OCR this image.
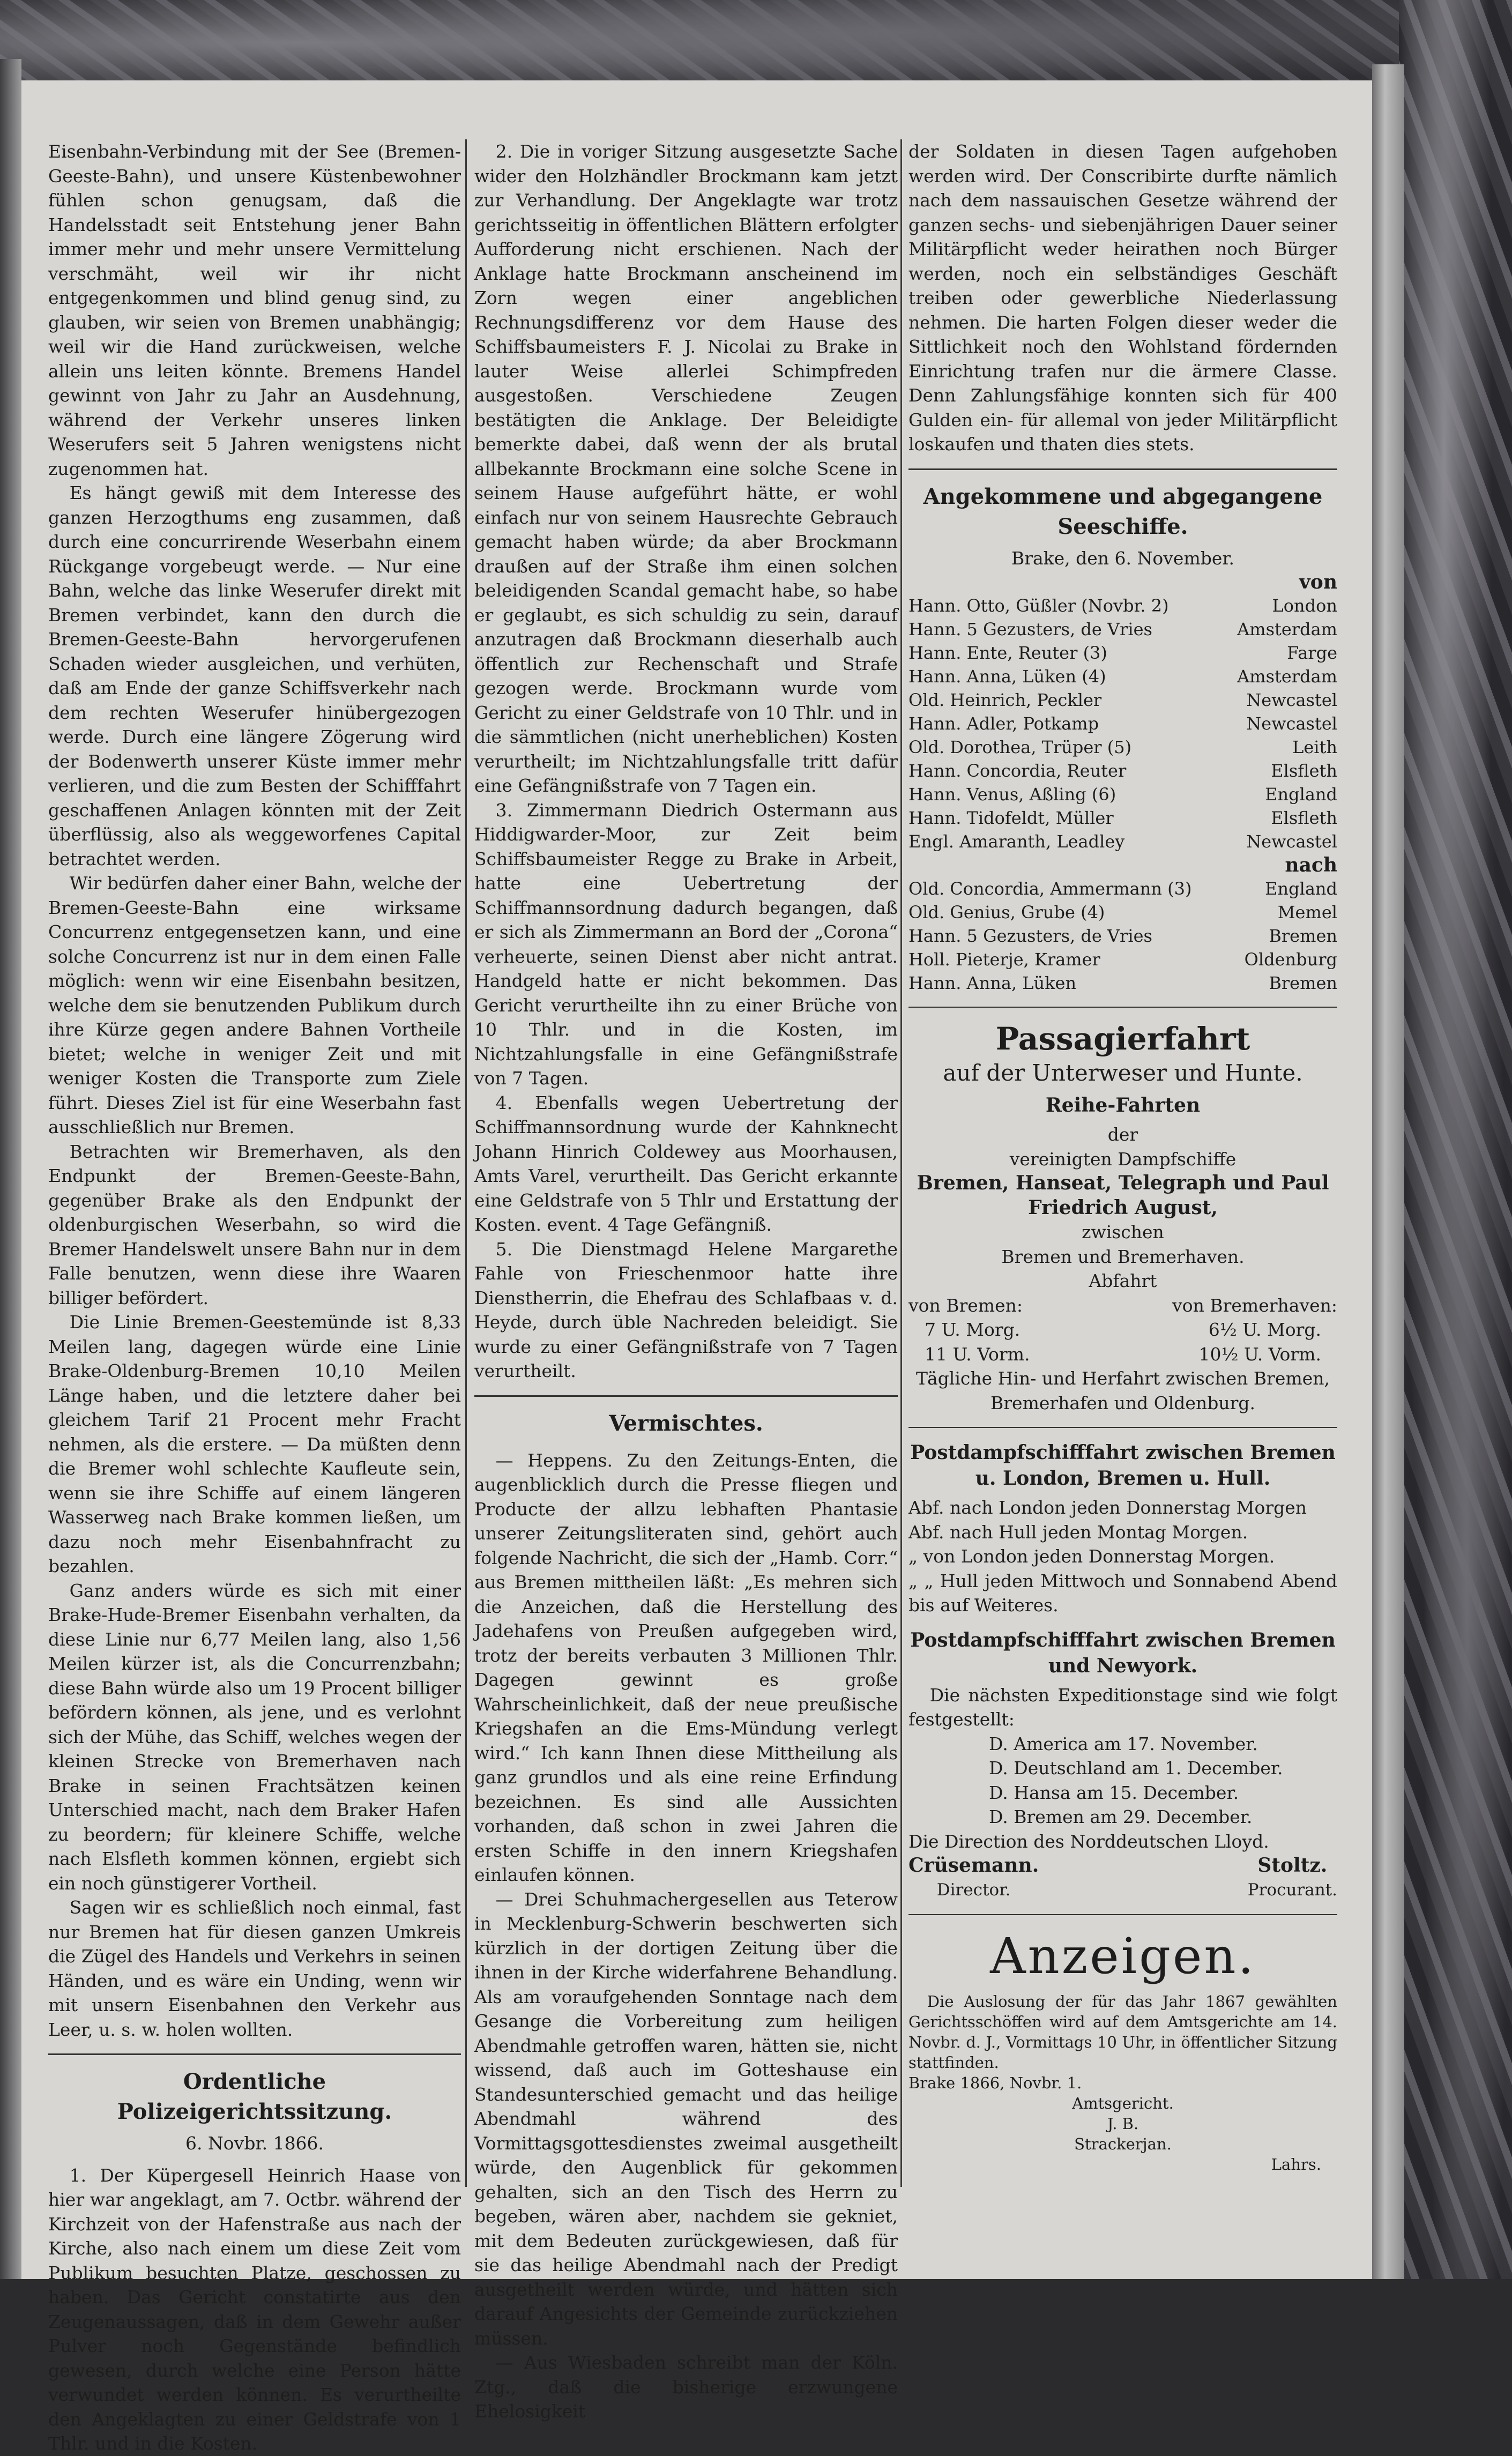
Eisenbahn-Verbindung mit der See (Bremen-Geeste-Bahn), und unsere Küstenbewohner fühlen schon genugsam, daß die Handelsstadt seit Entstehung jener Bahn immer mehr und mehr unsere Vermittelung verschmäht, weil wir ihr nicht entgegenkommen und blind genug sind, zu glauben, wir seien von Bremen unabhängig; weil wir die Hand zurückweisen, welche allein uns leiten könnte. Bremens Handel gewinnt von Jahr zu Jahr an Ausdehnung, während der Verkehr unseres linken Weserufers seit 5 Jahren wenigstens nicht zugenommen hat.

Es hängt gewiß mit dem Interesse des ganzen Herzogthums eng zusammen, daß durch eine concurrirende Weserbahn einem Rückgange vorgebeugt werde. — Nur eine Bahn, welche das linke Weserufer direkt mit Bremen verbindet, kann den durch die Bremen-Geeste-Bahn hervorgerufenen Schaden wieder ausgleichen, und verhüten, daß am Ende der ganze Schiffsverkehr nach dem rechten Weserufer hinübergezogen werde. Durch eine längere Zögerung wird der Bodenwerth unserer Küste immer mehr verlieren, und die zum Besten der Schifffahrt geschaffenen Anlagen könnten mit der Zeit überflüssig, also als weggeworfenes Capital betrachtet werden.

Wir bedürfen daher einer Bahn, welche der Bremen-Geeste-Bahn eine wirksame Concurrenz entgegensetzen kann, und eine solche Concurrenz ist nur in dem einen Falle möglich: wenn wir eine Eisenbahn besitzen, welche dem sie benutzenden Publikum durch ihre Kürze gegen andere Bahnen Vortheile bietet; welche in weniger Zeit und mit weniger Kosten die Transporte zum Ziele führt. Dieses Ziel ist für eine Weserbahn fast ausschließlich nur Bremen.

Betrachten wir Bremerhaven, als den Endpunkt der Bremen-Geeste-Bahn, gegenüber Brake als den Endpunkt der oldenburgischen Weserbahn, so wird die Bremer Handelswelt unsere Bahn nur in dem Falle benutzen, wenn diese ihre Waaren billiger befördert.

Die Linie Bremen-Geestemünde ist 8,33 Meilen lang, dagegen würde eine Linie Brake-Oldenburg-Bremen 10,10 Meilen Länge haben, und die letztere daher bei gleichem Tarif 21 Procent mehr Fracht nehmen, als die erstere. — Da müßten denn die Bremer wohl schlechte Kaufleute sein, wenn sie ihre Schiffe auf einem längeren Wasserweg nach Brake kommen ließen, um dazu noch mehr Eisenbahnfracht zu bezahlen.

Ganz anders würde es sich mit einer Brake-Hude-Bremer Eisenbahn verhalten, da diese Linie nur 6,77 Meilen lang, also 1,56 Meilen kürzer ist, als die Concurrenzbahn; diese Bahn würde also um 19 Procent billiger befördern können, als jene, und es verlohnt sich der Mühe, das Schiff, welches wegen der kleinen Strecke von Bremerhaven nach Brake in seinen Frachtsätzen keinen Unterschied macht, nach dem Braker Hafen zu beordern; für kleinere Schiffe, welche nach Elsfleth kommen können, ergiebt sich ein noch günstigerer Vortheil.

Sagen wir es schließlich noch einmal, fast nur Bremen hat für diesen ganzen Umkreis die Zügel des Handels und Verkehrs in seinen Händen, und es wäre ein Unding, wenn wir mit unsern Eisenbahnen den Verkehr aus Leer, u. s. w. holen wollten.

Ordentliche Polizeigerichtssitzung.
6. Novbr. 1866.

1. Der Küpergesell Heinrich Haase von hier war angeklagt, am 7. Octbr. während der Kirchzeit von der Hafenstraße aus nach der Kirche, also nach einem um diese Zeit vom Publikum besuchten Platze, geschossen zu haben. Das Gericht constatirte aus den Zeugenaussagen, daß in dem Gewehr außer Pulver noch Gegenstände befindlich gewesen, durch welche eine Person hätte verwundet werden können. Es verurtheilte den Angeklagten zu einer Geldstrafe von 1 Thlr. und in die Kosten.

2. Die in voriger Sitzung ausgesetzte Sache wider den Holzhändler Brockmann kam jetzt zur Verhandlung. Der Angeklagte war trotz gerichtsseitig in öffentlichen Blättern erfolgter Aufforderung nicht erschienen. Nach der Anklage hatte Brockmann anscheinend im Zorn wegen einer angeblichen Rechnungsdifferenz vor dem Hause des Schiffsbaumeisters F. J. Nicolai zu Brake in lauter Weise allerlei Schimpfreden ausgestoßen. Verschiedene Zeugen bestätigten die Anklage. Der Beleidigte bemerkte dabei, daß wenn der als brutal allbekannte Brockmann eine solche Scene in seinem Hause aufgeführt hätte, er wohl einfach nur von seinem Hausrechte Gebrauch gemacht haben würde; da aber Brockmann draußen auf der Straße ihm einen solchen beleidigenden Scandal gemacht habe, so habe er geglaubt, es sich schuldig zu sein, darauf anzutragen daß Brockmann dieserhalb auch öffentlich zur Rechenschaft und Strafe gezogen werde. Brockmann wurde vom Gericht zu einer Geldstrafe von 10 Thlr. und in die sämmtlichen (nicht unerheblichen) Kosten verurtheilt; im Nichtzahlungsfalle tritt dafür eine Gefängnißstrafe von 7 Tagen ein.

3. Zimmermann Diedrich Ostermann aus Hiddigwarder-Moor, zur Zeit beim Schiffsbaumeister Regge zu Brake in Arbeit, hatte eine Uebertretung der Schiffmannsordnung dadurch begangen, daß er sich als Zimmermann an Bord der „Corona“ verheuerte, seinen Dienst aber nicht antrat. Handgeld hatte er nicht bekommen. Das Gericht verurtheilte ihn zu einer Brüche von 10 Thlr. und in die Kosten, im Nichtzahlungsfalle in eine Gefängnißstrafe von 7 Tagen.

4. Ebenfalls wegen Uebertretung der Schiffmannsordnung wurde der Kahnknecht Johann Hinrich Coldewey aus Moorhausen, Amts Varel, verurtheilt. Das Gericht erkannte eine Geldstrafe von 5 Thlr und Erstattung der Kosten. event. 4 Tage Gefängniß.

5. Die Dienstmagd Helene Margarethe Fahle von Frieschenmoor hatte ihre Dienstherrin, die Ehefrau des Schlafbaas v. d. Heyde, durch üble Nachreden beleidigt. Sie wurde zu einer Gefängnißstrafe von 7 Tagen verurtheilt.

Vermischtes.

— Heppens. Zu den Zeitungs-Enten, die augenblicklich durch die Presse fliegen und Producte der allzu lebhaften Phantasie unserer Zeitungsliteraten sind, gehört auch folgende Nachricht, die sich der „Hamb. Corr.“ aus Bremen mittheilen läßt: „Es mehren sich die Anzeichen, daß die Herstellung des Jadehafens von Preußen aufgegeben wird, trotz der bereits verbauten 3 Millionen Thlr. Dagegen gewinnt es große Wahrscheinlichkeit, daß der neue preußische Kriegshafen an die Ems-Mündung verlegt wird.“ Ich kann Ihnen diese Mittheilung als ganz grundlos und als eine reine Erfindung bezeichnen. Es sind alle Aussichten vorhanden, daß schon in zwei Jahren die ersten Schiffe in den innern Kriegshafen einlaufen können.

— Drei Schuhmachergesellen aus Teterow in Mecklenburg-Schwerin beschwerten sich kürzlich in der dortigen Zeitung über die ihnen in der Kirche widerfahrene Behandlung. Als am voraufgehenden Sonntage nach dem Gesange die Vorbereitung zum heiligen Abendmahle getroffen waren, hätten sie, nicht wissend, daß auch im Gotteshause ein Standesunterschied gemacht und das heilige Abendmahl während des Vormittagsgottesdienstes zweimal ausgetheilt würde, den Augenblick für gekommen gehalten, sich an den Tisch des Herrn zu begeben, wären aber, nachdem sie gekniet, mit dem Bedeuten zurückgewiesen, daß für sie das heilige Abendmahl nach der Predigt ausgetheilt werden würde, und hätten sich darauf Angesichts der Gemeinde zurückziehen müssen.

— Aus Wiesbaden schreibt man der Köln. Ztg., daß die bisherige erzwungene Ehelosigkeit

der Soldaten in diesen Tagen aufgehoben werden wird. Der Conscribirte durfte nämlich nach dem nassauischen Gesetze während der ganzen sechs- und siebenjährigen Dauer seiner Militärpflicht weder heirathen noch Bürger werden, noch ein selbständiges Geschäft treiben oder gewerbliche Niederlassung nehmen. Die harten Folgen dieser weder die Sittlichkeit noch den Wohlstand fördernden Einrichtung trafen nur die ärmere Classe. Denn Zahlungsfähige konnten sich für 400 Gulden ein- für allemal von jeder Militärpflicht loskaufen und thaten dies stets.

Angekommene und abgegangene Seeschiffe.
Brake, den 6. November.
von	
Hann. Otto, Güßler (Novbr. 2)	London
Hann. 5 Gezusters, de Vries	Amsterdam
Hann. Ente, Reuter (3)	Farge
Hann. Anna, Lüken (4)	Amsterdam
Old. Heinrich, Peckler	Newcastel
Hann. Adler, Potkamp	Newcastel
Old. Dorothea, Trüper (5)	Leith
Hann. Concordia, Reuter	Elsfleth
Hann. Venus, Aßling (6)	England
Hann. Tidofeldt, Müller	Elsfleth
Engl. Amaranth, Leadley	Newcastel
nach	
Old. Concordia, Ammermann (3)	England
Old. Genius, Grube (4)	Memel
Hann. 5 Gezusters, de Vries	Bremen
Holl. Pieterje, Kramer	Oldenburg
Hann. Anna, Lüken	Bremen
Passagierfahrt
auf der Unterweser und Hunte.
Reihe-Fahrten
der
vereinigten Dampfschiffe
Bremen, Hanseat, Telegraph und Paul
Friedrich August,
zwischen
Bremen und Bremerhaven.
Abfahrt
von Bremen:	von Bremerhaven:
7 U. Morg.	6½ U. Morg.
11 U. Vorm.	10½ U. Vorm.
Tägliche Hin- und Herfahrt zwischen Bremen, Bremerhafen und Oldenburg.
Postdampfschifffahrt zwischen Bremen u. London, Bremen u. Hull.
Abf. nach London jeden Donnerstag Morgen
Abf. nach Hull jeden Montag Morgen.
„ von London jeden Donnerstag Morgen.
„ „ Hull jeden Mittwoch und Sonnabend Abend bis auf Weiteres.
Postdampfschifffahrt zwischen Bremen und Newyork.

Die nächsten Expeditionstage sind wie folgt festgestellt:

D. America am 17. November.
D. Deutschland am 1. December.
D. Hansa am 15. December.
D. Bremen am 29. December.
Die Direction des Norddeutschen Lloyd.
Crüsemann.
Director.
Stoltz.
Procurant.
Anzeigen.

Die Auslosung der für das Jahr 1867 gewählten Gerichtsschöffen wird auf dem Amtsgerichte am 14. Novbr. d. J., Vormittags 10 Uhr, in öffentlicher Sitzung stattfinden.

Brake 1866, Novbr. 1.
Amtsgericht.
J. B.
Strackerjan.
Lahrs.
